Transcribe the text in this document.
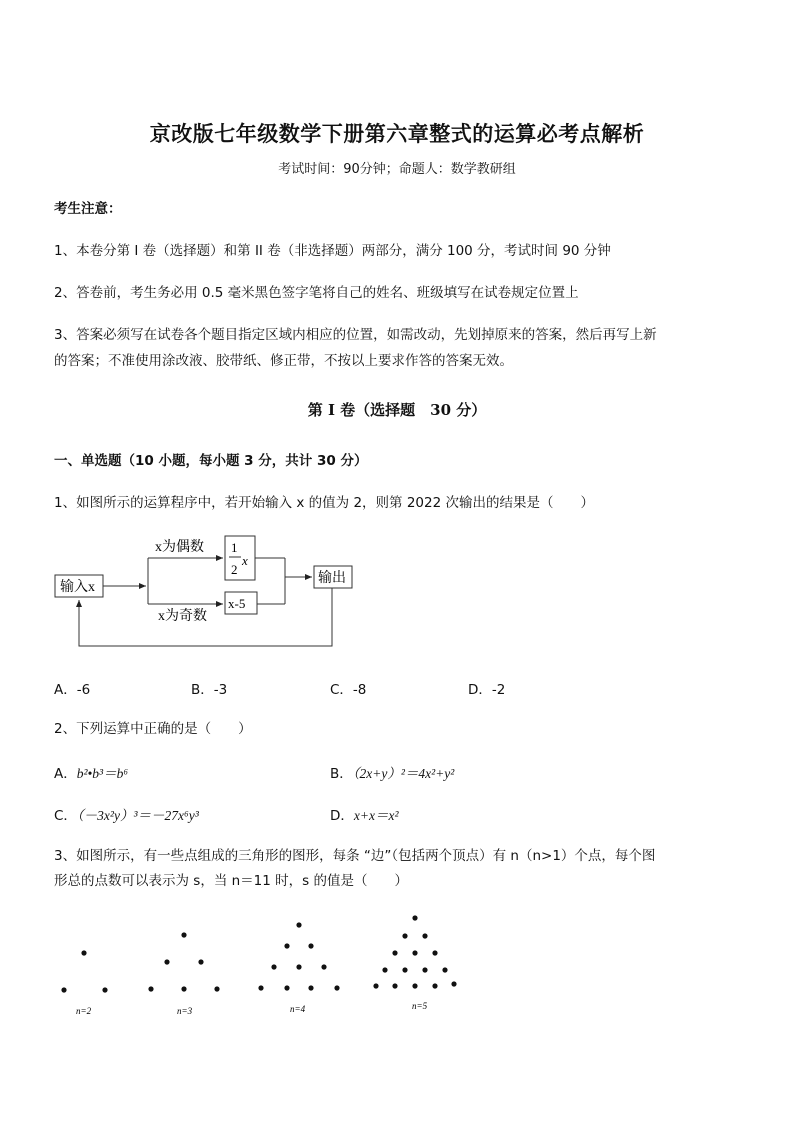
京改版七年级数学下册第六章整式的运算必考点解析
考试时间：90分钟；命题人：数学教研组
考生注意：
1、本卷分第 I 卷（选择题）和第 II 卷（非选择题）两部分，满分 100 分，考试时间 90 分钟
2、答卷前，考生务必用 0.5 毫米黑色签字笔将自己的姓名、班级填写在试卷规定位置上
3、答案必须写在试卷各个题目指定区域内相应的位置，如需改动，先划掉原来的答案，然后再写上新
的答案；不准使用涂改液、胶带纸、修正带，不按以上要求作答的答案无效。
第 I 卷（选择题　30 分）
一、单选题（10 小题，每小题 3 分，共计 30 分）
1、如图所示的运算程序中，若开始输入 x 的值为 2，则第 2022 次输出的结果是（　　）
输入x
x为偶数
x为奇数
1
2
x
x-5
输出
A．-6	B．-3	C．-8	D．-2
2、下列运算中正确的是（　　）
A．b²•b³＝b⁶	B．（2x+y）²＝4x²+y²
C．（－3x²y）³＝－27x⁶y³	D．x+x＝x²
3、如图所示，有一些点组成的三角形的图形，每条 “边”（包括两个顶点）有 n（n>1）个点，每个图
形总的点数可以表示为 s，当 n＝11 时，s 的值是（　　）
n=2	n=3	n=4	n=5
